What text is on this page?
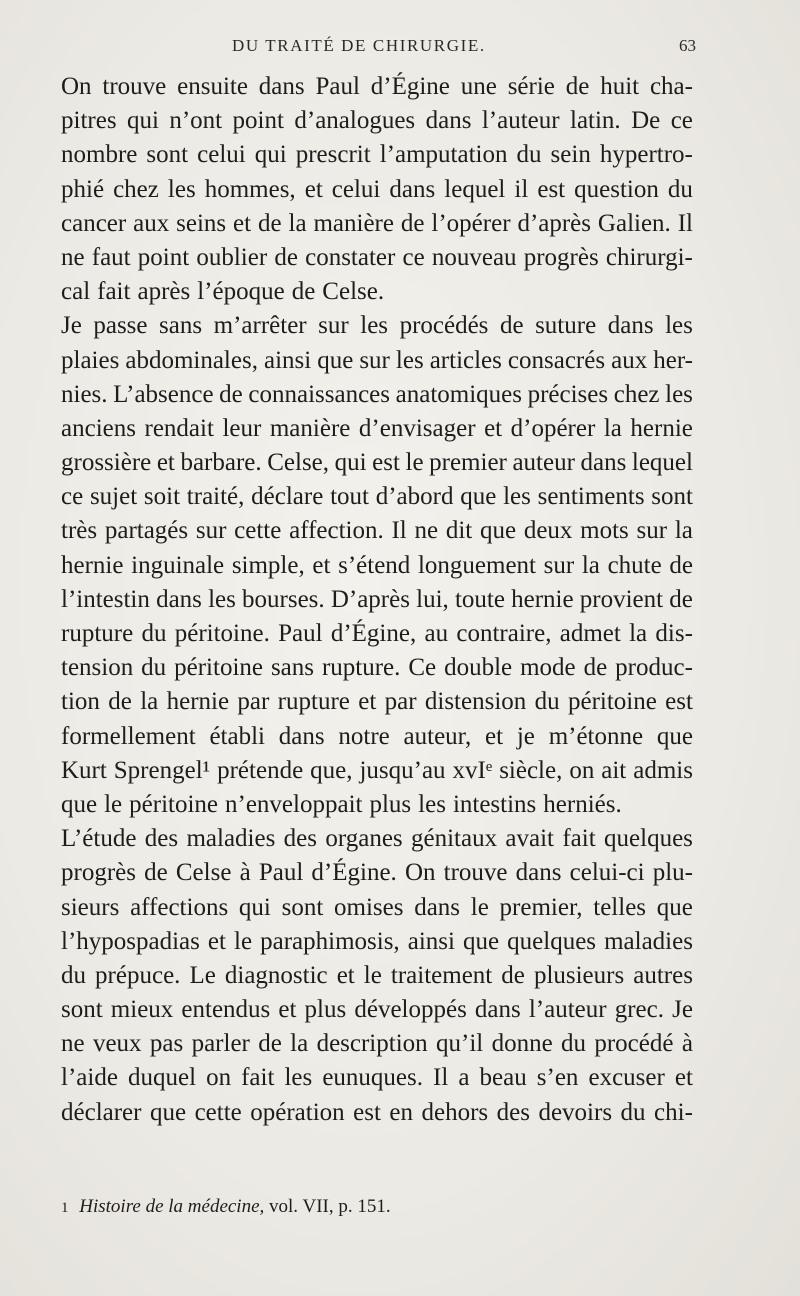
DU TRAITÉ DE CHIRURGIE.	63
On trouve ensuite dans Paul d’Égine une série de huit cha-
pitres qui n’ont point d’analogues dans l’auteur latin. De ce
nombre sont celui qui prescrit l’amputation du sein hypertro-
phié chez les hommes, et celui dans lequel il est question du
cancer aux seins et de la manière de l’opérer d’après Galien. Il
ne faut point oublier de constater ce nouveau progrès chirurgi-
cal fait après l’époque de Celse.
Je passe sans m’arrêter sur les procédés de suture dans les
plaies abdominales, ainsi que sur les articles consacrés aux her-
nies. L’absence de connaissances anatomiques précises chez les
anciens rendait leur manière d’envisager et d’opérer la hernie
grossière et barbare. Celse, qui est le premier auteur dans lequel
ce sujet soit traité, déclare tout d’abord que les sentiments sont
très partagés sur cette affection. Il ne dit que deux mots sur la
hernie inguinale simple, et s’étend longuement sur la chute de
l’intestin dans les bourses. D’après lui, toute hernie provient de
rupture du péritoine. Paul d’Égine, au contraire, admet la dis-
tension du péritoine sans rupture. Ce double mode de produc-
tion de la hernie par rupture et par distension du péritoine est
formellement établi dans notre auteur, et je m’étonne que
Kurt Sprengel¹ prétende que, jusqu’au xvIᵉ siècle, on ait admis
que le péritoine n’enveloppait plus les intestins herniés.
L’étude des maladies des organes génitaux avait fait quelques
progrès de Celse à Paul d’Égine. On trouve dans celui-ci plu-
sieurs affections qui sont omises dans le premier, telles que
l’hypospadias et le paraphimosis, ainsi que quelques maladies
du prépuce. Le diagnostic et le traitement de plusieurs autres
sont mieux entendus et plus développés dans l’auteur grec. Je
ne veux pas parler de la description qu’il donne du procédé à
l’aide duquel on fait les eunuques. Il a beau s’en excuser et
déclarer que cette opération est en dehors des devoirs du chi-
1 Histoire de la médecine, vol. VII, p. 151.
